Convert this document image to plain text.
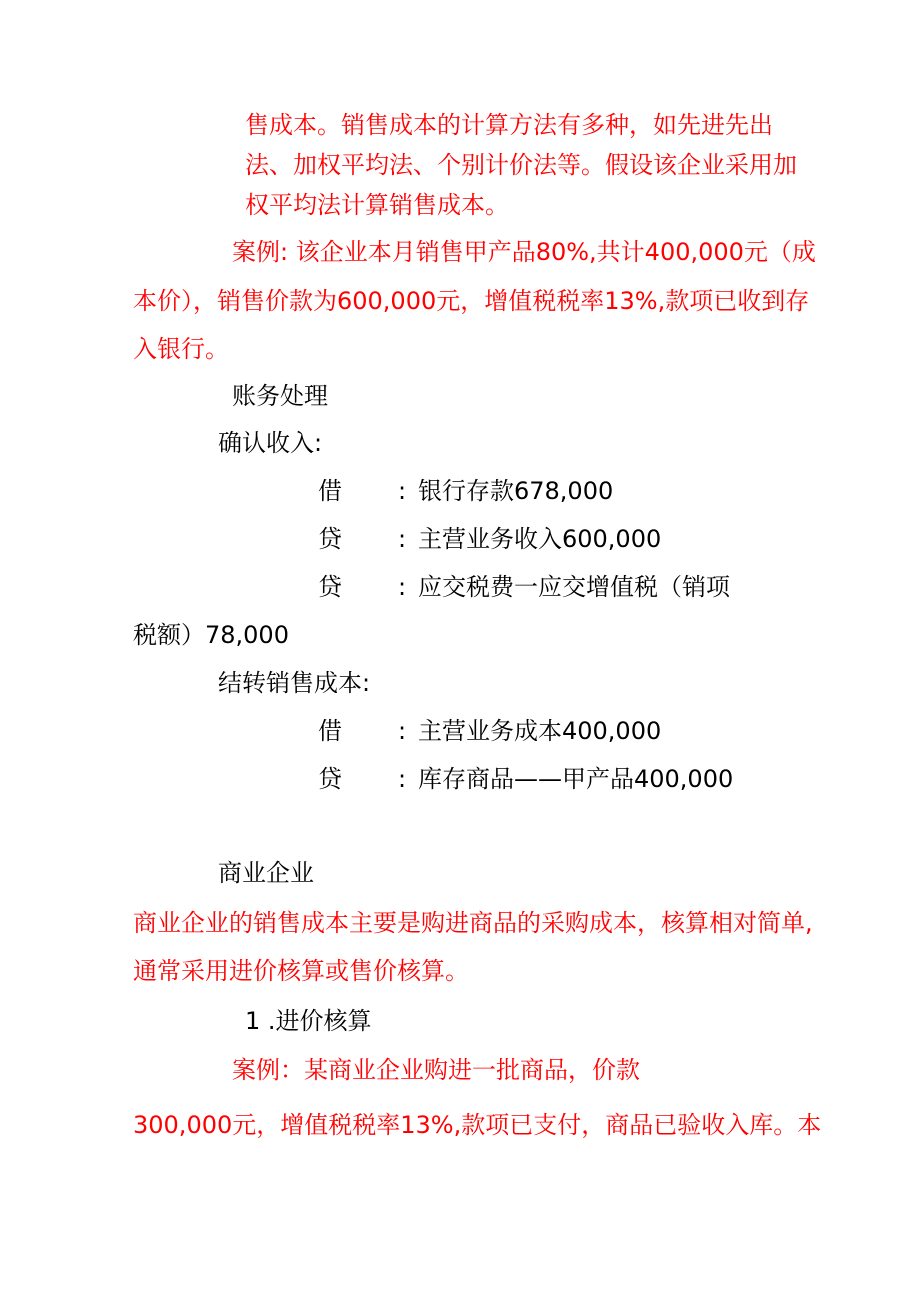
售成本。销售成本的计算方法有多种，如先进先出
法、加权平均法、个别计价法等。假设该企业采用加
权平均法计算销售成本。
案例: 该企业本月销售甲产品80%,共计400,000元（成
本价），销售价款为600,000元，增值税税率13%,款项已收到存
入银行。
账务处理
确认收入:
借 : 银行存款678,000
贷 : 主营业务收入600,000
贷 : 应交税费一应交增值税（销项
税额）78,000
结转销售成本:
借 : 主营业务成本400,000
贷 : 库存商品——甲产品400,000
商业企业
商业企业的销售成本主要是购进商品的采购成本，核算相对简单,
通常采用进价核算或售价核算。
1 .进价核算
案例：某商业企业购进一批商品，价款
300,000元，增值税税率13%,款项已支付，商品已验收入库。本
